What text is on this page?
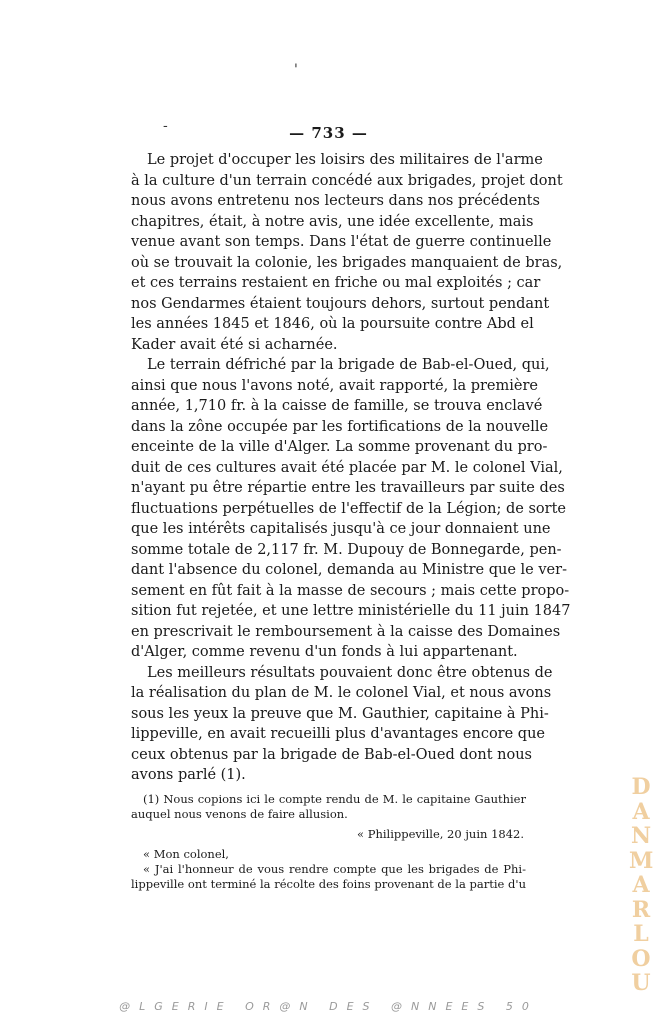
'
-	— 733 —
Le projet d'occuper les loisirs des militaires de l'arme
à la culture d'un terrain concédé aux brigades, projet dont
nous avons entretenu nos lecteurs dans nos précédents
chapitres, était, à notre avis, une idée excellente, mais
venue avant son temps. Dans l'état de guerre continuelle
où se trouvait la colonie, les brigades manquaient de bras,
et ces terrains restaient en friche ou mal exploités ; car
nos Gendarmes étaient toujours dehors, surtout pendant
les années 1845 et 1846, où la poursuite contre Abd el
Kader avait été si acharnée.
Le terrain défriché par la brigade de Bab-el-Oued, qui,
ainsi que nous l'avons noté, avait rapporté, la première
année, 1,710 fr. à la caisse de famille, se trouva enclavé
dans la zône occupée par les fortifications de la nouvelle
enceinte de la ville d'Alger. La somme provenant du pro-
duit de ces cultures avait été placée par M. le colonel Vial,
n'ayant pu être répartie entre les travailleurs par suite des
fluctuations perpétuelles de l'effectif de la Légion; de sorte
que les intérêts capitalisés jusqu'à ce jour donnaient une
somme totale de 2,117 fr. M. Dupouy de Bonnegarde, pen-
dant l'absence du colonel, demanda au Ministre que le ver-
sement en fût fait à la masse de secours ; mais cette propo-
sition fut rejetée, et une lettre ministérielle du 11 juin 1847
en prescrivait le remboursement à la caisse des Domaines
d'Alger, comme revenu d'un fonds à lui appartenant.
Les meilleurs résultats pouvaient donc être obtenus de
la réalisation du plan de M. le colonel Vial, et nous avons
sous les yeux la preuve que M. Gauthier, capitaine à Phi-
lippeville, en avait recueilli plus d'avantages encore que
ceux obtenus par la brigade de Bab-el-Oued dont nous
avons parlé (1).
(1) Nous copions ici le compte rendu de M. le capitaine Gauthier
auquel nous venons de faire allusion.
« Philippeville, 20 juin 1842.
« Mon colonel,
« J'ai l'honneur de vous rendre compte que les brigades de Phi-
lippeville ont terminé la récolte des foins provenant de la partie d'u
D
A
N
M
A
R
L
O
U
@LGERIE OR@N DES @NNEES 50
